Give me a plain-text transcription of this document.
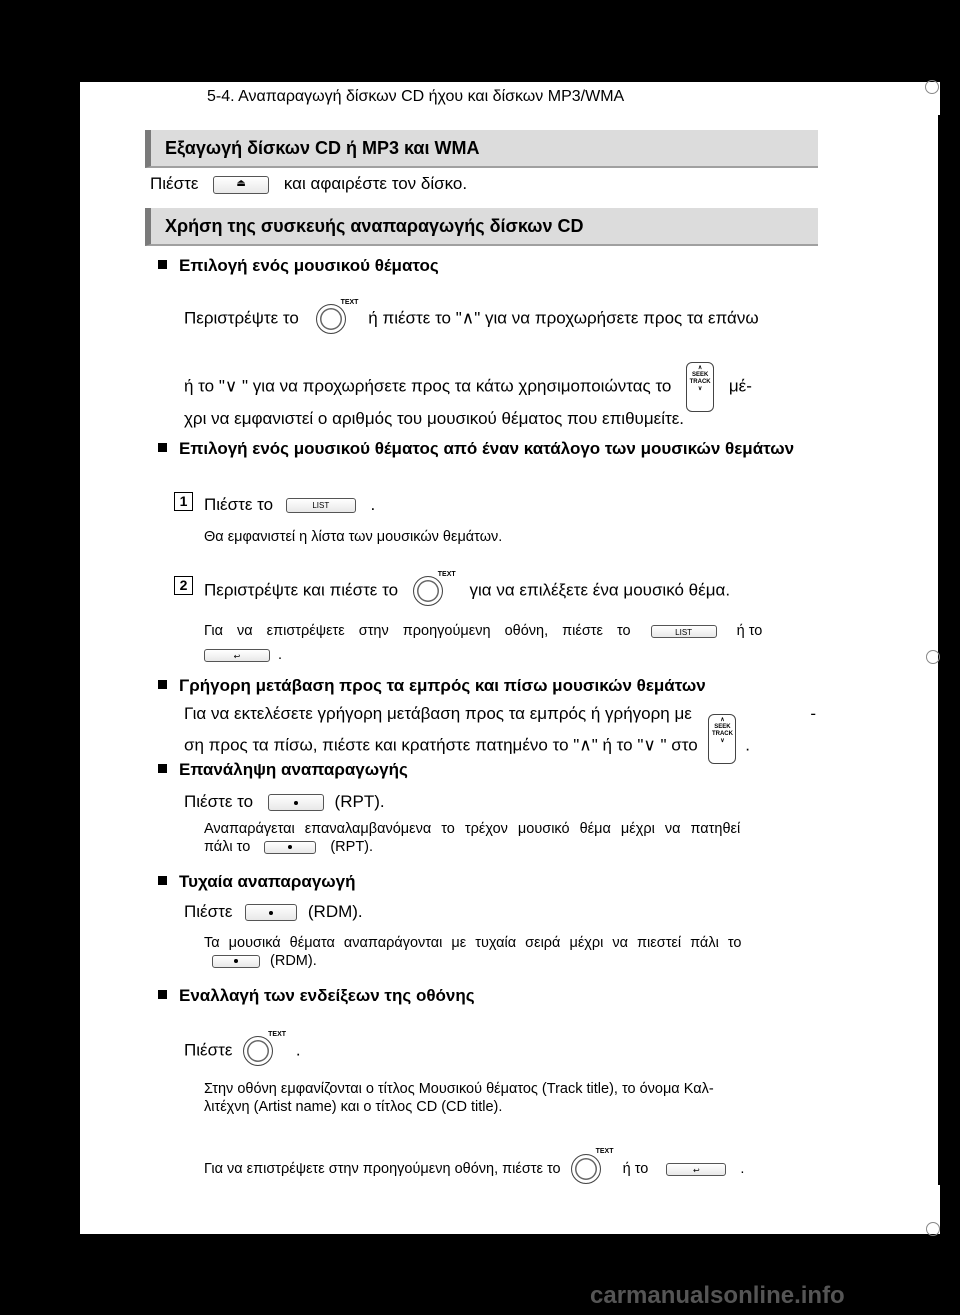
5-4. Αναπαραγωγή δίσκων CD ήχου και δίσκων MP3/WMA
Εξαγωγή δίσκων CD ή MP3 και WMA
Πιέστε	⏏ και αφαιρέστε τον δίσκο.
Χρήση της συσκευής αναπαραγωγής δίσκων CD
Επιλογή ενός μουσικού θέματος
Περιστρέψτε το
TEXT
ή πιέστε το "∧" για να προχωρήσετε προς τα επάνω
ή το "∨ " για να προχωρήσετε προς τα κάτω χρησιμοποιώντας το
∧
SEEK
TRACK
∨	μέ-
χρι να εμφανιστεί ο αριθμός του μουσικού θέματος που επιθυμείτε.
Επιλογή ενός μουσικού θέματος από έναν κατάλογο των μουσικών θεμάτων
1 Πιέστε το	LIST .
Θα εμφανιστεί η λίστα των μουσικών θεμάτων.
2 Περιστρέψτε και πιέστε το
TEXT
για να επιλέξετε ένα μουσικό θέμα.
Για να επιστρέψετε στην προηγούμενη οθόνη, πιέστε το	LIST	ή το
↩	.
Γρήγορη μετάβαση προς τα εμπρός και πίσω μουσικών θεμάτων
Για να εκτελέσετε γρήγορη μετάβαση προς τα εμπρός ή γρήγορη με	-
ση προς τα πίσω, πιέστε και κρατήστε πατημένο το "∧" ή το "∨ " στο
∧
SEEK
TRACK
∨	.
Επανάληψη αναπαραγωγής
Πιέστε το	(RPT).
Αναπαράγεται επαναλαμβανόμενα το τρέχον μουσικό θέμα μέχρι να πατηθεί
πάλι το	(RPT).
Τυχαία αναπαραγωγή
Πιέστε	(RDM).
Τα μουσικά θέματα αναπαράγονται με τυχαία σειρά μέχρι να πιεστεί πάλι το
(RDM).
Εναλλαγή των ενδείξεων της οθόνης
Πιέστε
TEXT
.
Στην οθόνη εμφανίζονται ο τίτλος Μουσικού θέματος (Track title), το όνομα Καλ-
λιτέχνη (Artist name) και ο τίτλος CD (CD title).
Για να επιστρέψετε στην προηγούμενη οθόνη, πιέστε το
TEXT
ή το	↩	.
carmanualsonline.info
